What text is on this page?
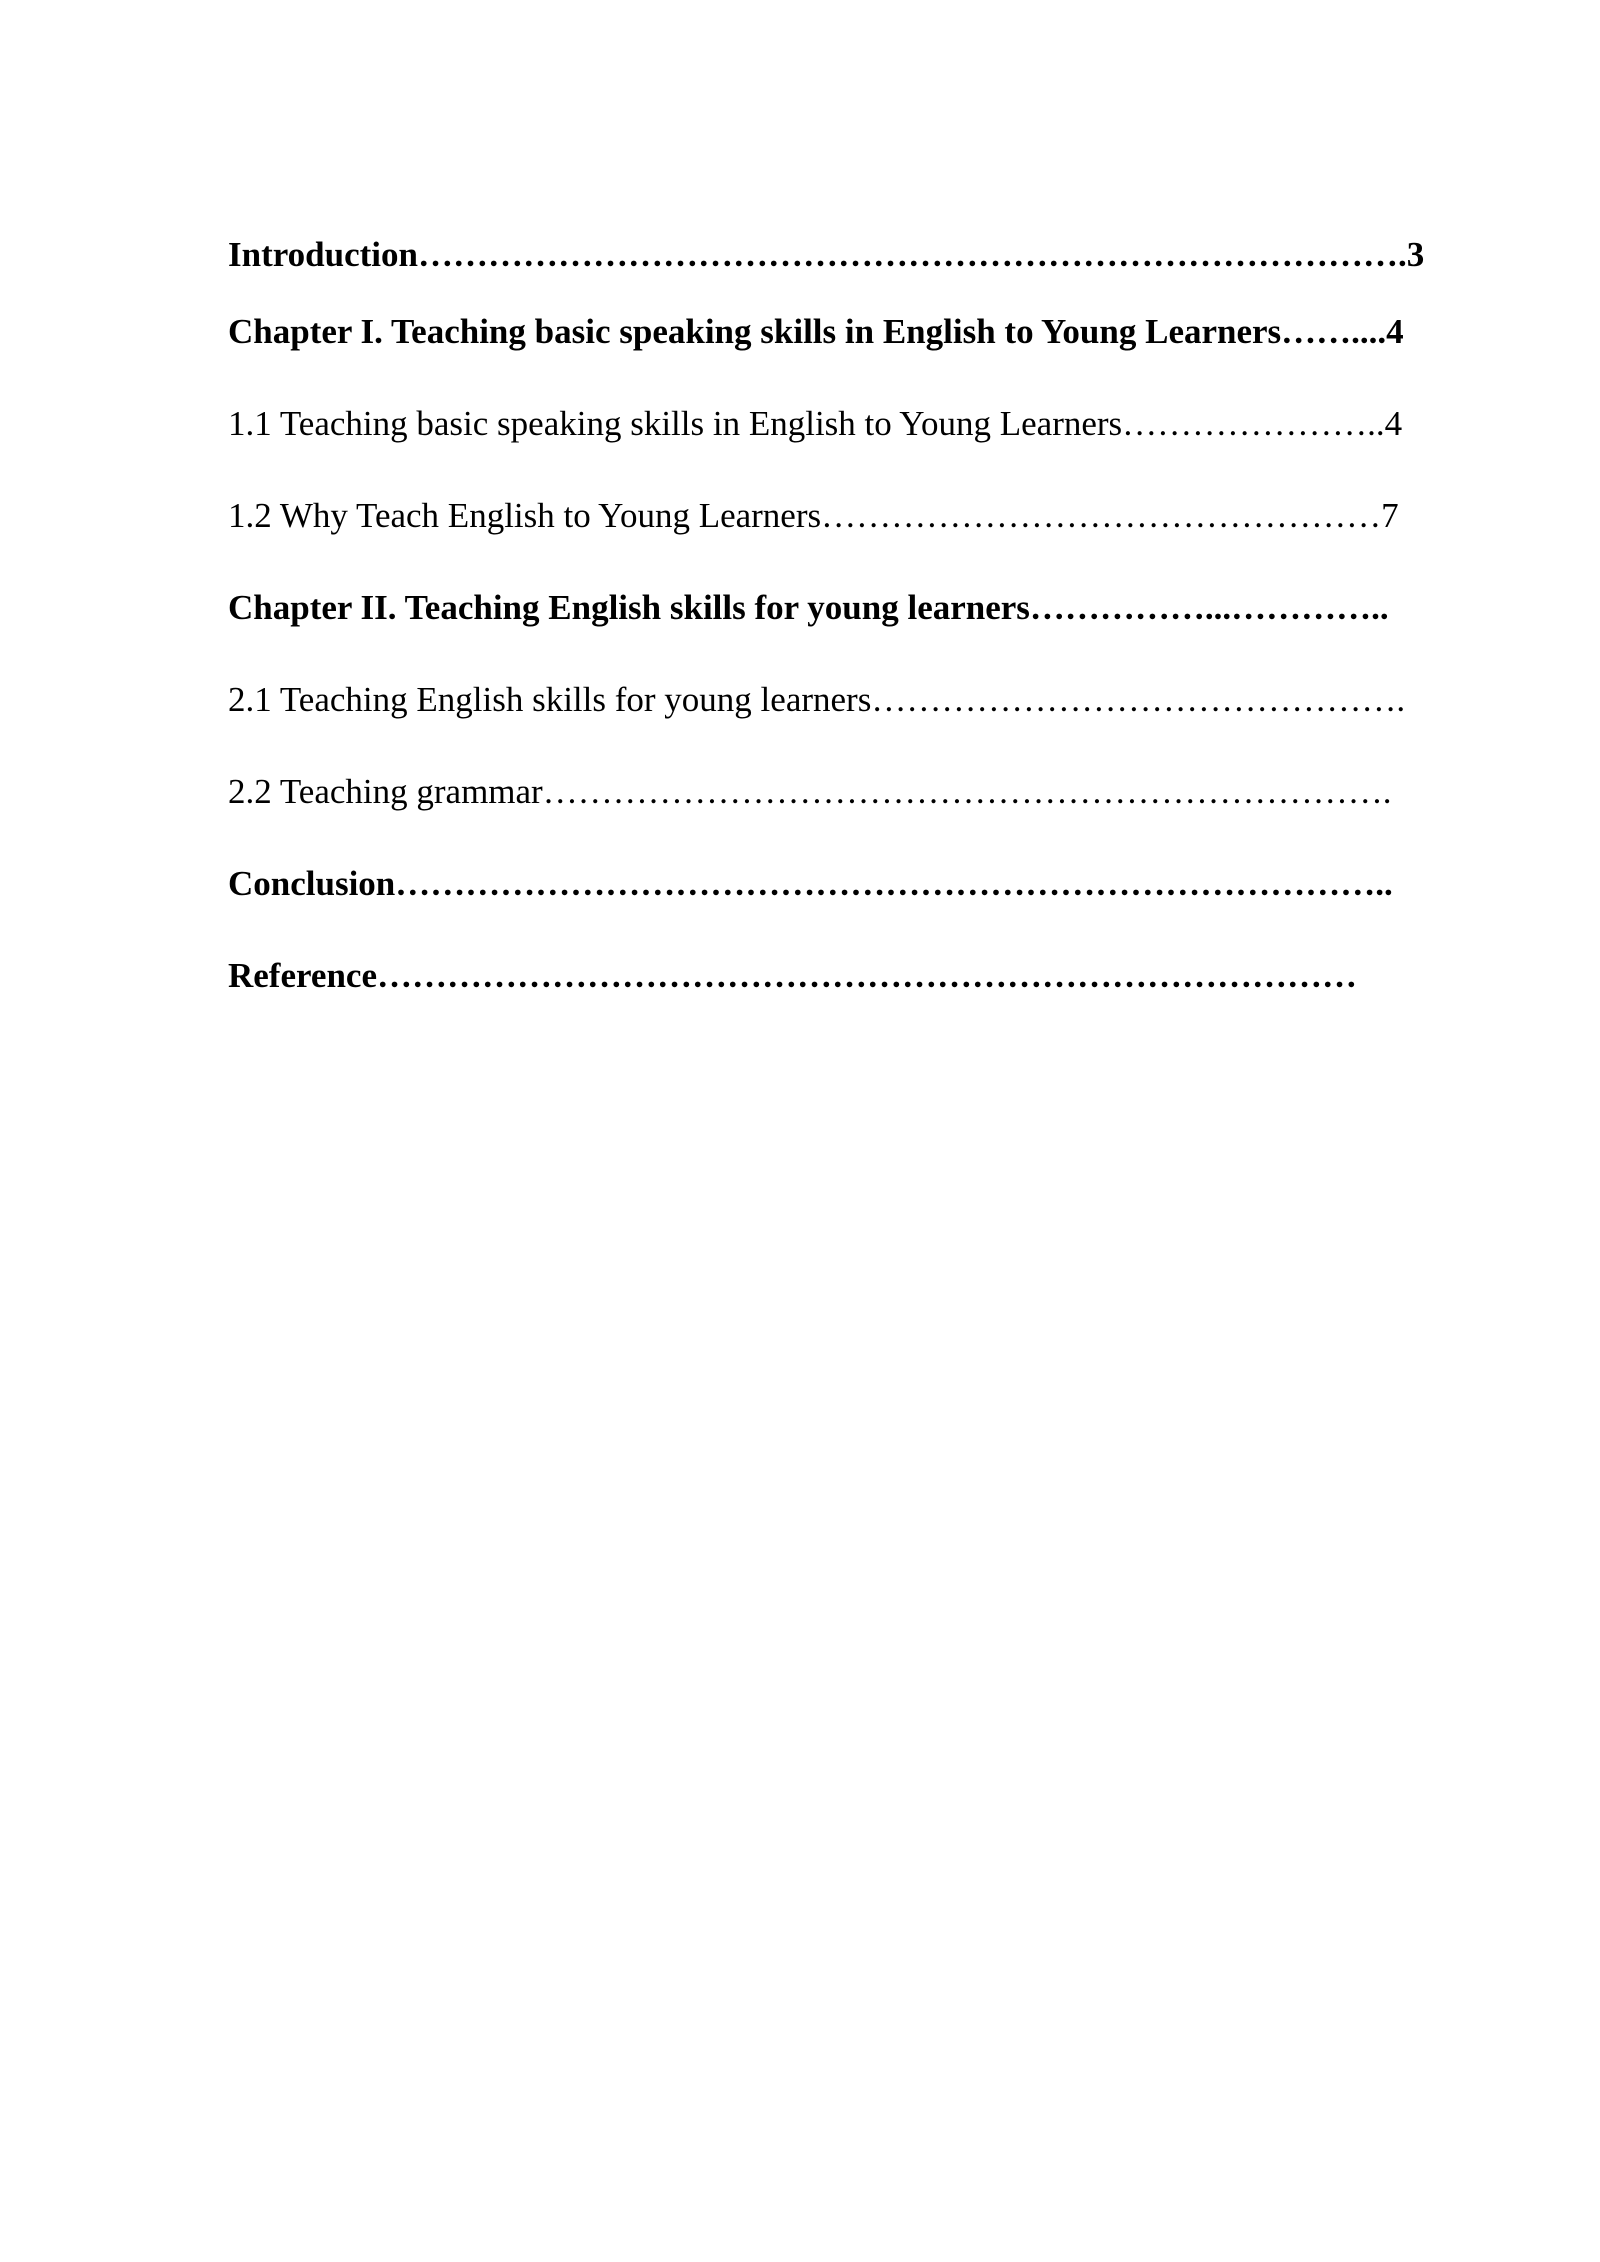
Introduction………………………………………………………………………….3

Chapter I. Teaching basic speaking skills in English to Young Learners……....4

1.1 Teaching basic speaking skills in English to Young Learners…………………..4

1.2 Why Teach English to Young Learners…………………………………………7

Chapter II. Teaching English skills for young learners……………...…………..

2.1 Teaching English skills for young learners……………………………………….

2.2 Teaching grammar……………………………………………………………….

Conclusion…………………………………………………………………………..

Reference…………………………………………………………………………
